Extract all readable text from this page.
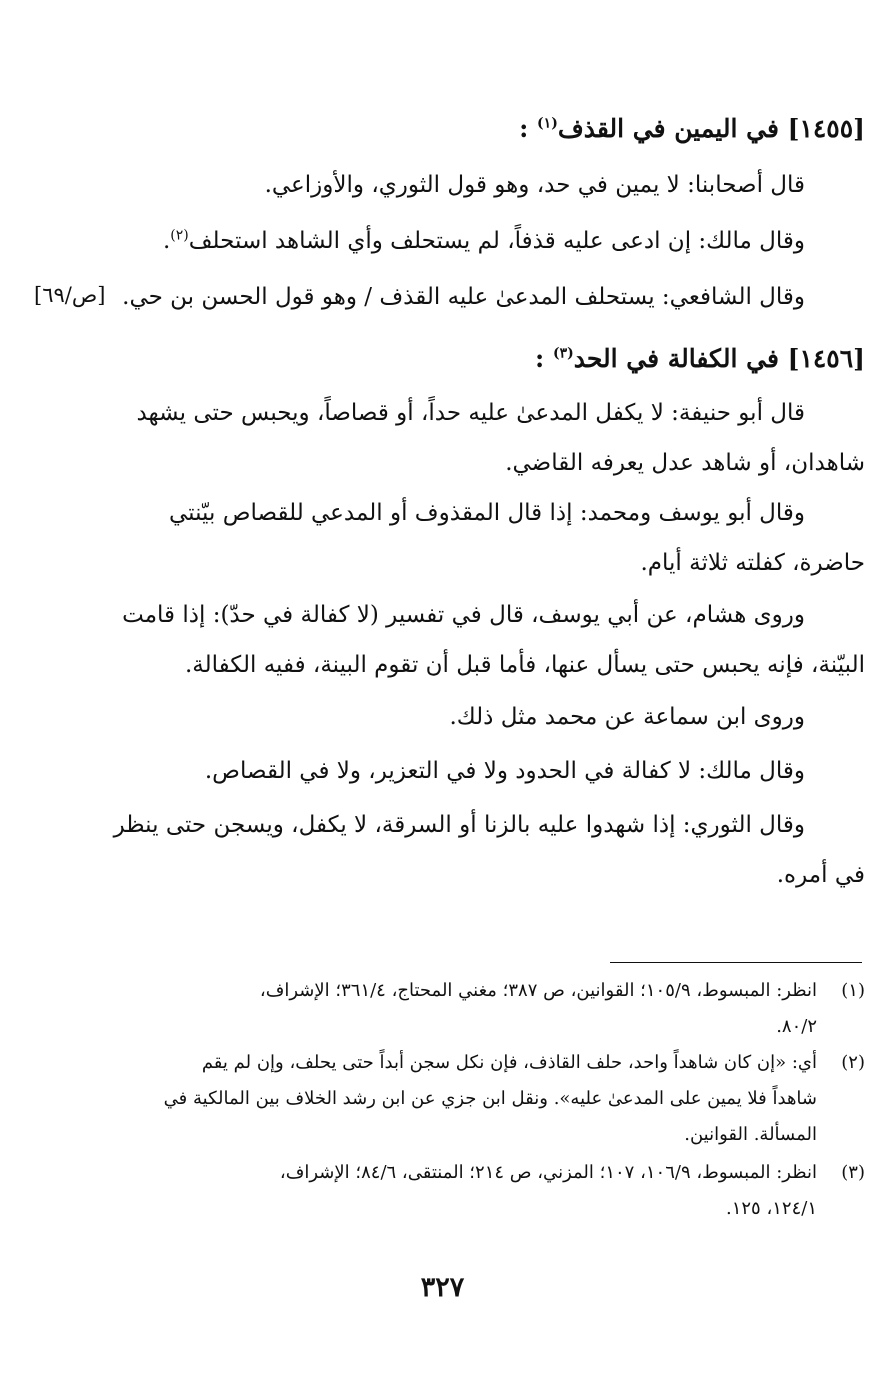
[١٤٥٥] في اليمين في القذف$^{(١)}$ :
قال أصحابنا: لا يمين في حد، وهو قول الثوري، والأوزاعي.
وقال مالك: إن ادعى عليه قذفاً، لم يستحلف وأي الشاهد استحلف$^{(٢)}$.
وقال الشافعي: يستحلف المدعىٰ عليه القذف / وهو قول الحسن بن حي.
[ص/٦٩]
[١٤٥٦] في الكفالة في الحد$^{(٣)}$ :
قال أبو حنيفة: لا يكفل المدعىٰ عليه حداً، أو قصاصاً، ويحبس حتى يشهد
شاهدان، أو شاهد عدل يعرفه القاضي.
وقال أبو يوسف ومحمد: إذا قال المقذوف أو المدعي للقصاص بيّنتي
حاضرة، كفلته ثلاثة أيام.
وروى هشام، عن أبي يوسف، قال في تفسير (لا كفالة في حدّ): إذا قامت
البيّنة، فإنه يحبس حتى يسأل عنها، فأما قبل أن تقوم البينة، ففيه الكفالة.
وروى ابن سماعة عن محمد مثل ذلك.
وقال مالك: لا كفالة في الحدود ولا في التعزير، ولا في القصاص.
وقال الثوري: إذا شهدوا عليه بالزنا أو السرقة، لا يكفل، ويسجن حتى ينظر
في أمره.
(١)
انظر: المبسوط، ١٠٥/٩؛ القوانين، ص ٣٨٧؛ مغني المحتاج، ٣٦١/٤؛ الإشراف،
٨٠/٢.
(٢)
أي: «إن كان شاهداً واحد، حلف القاذف، فإن نكل سجن أبداً حتى يحلف، وإن لم يقم
شاهداً فلا يمين على المدعىٰ عليه». ونقل ابن جزي عن ابن رشد الخلاف بين المالكية في
المسألة. القوانين.
(٣)
انظر: المبسوط، ١٠٦/٩، ١٠٧؛ المزني، ص ٢١٤؛ المنتقى، ٨٤/٦؛ الإشراف،
١٢٤/١، ١٢٥.
٣٢٧
